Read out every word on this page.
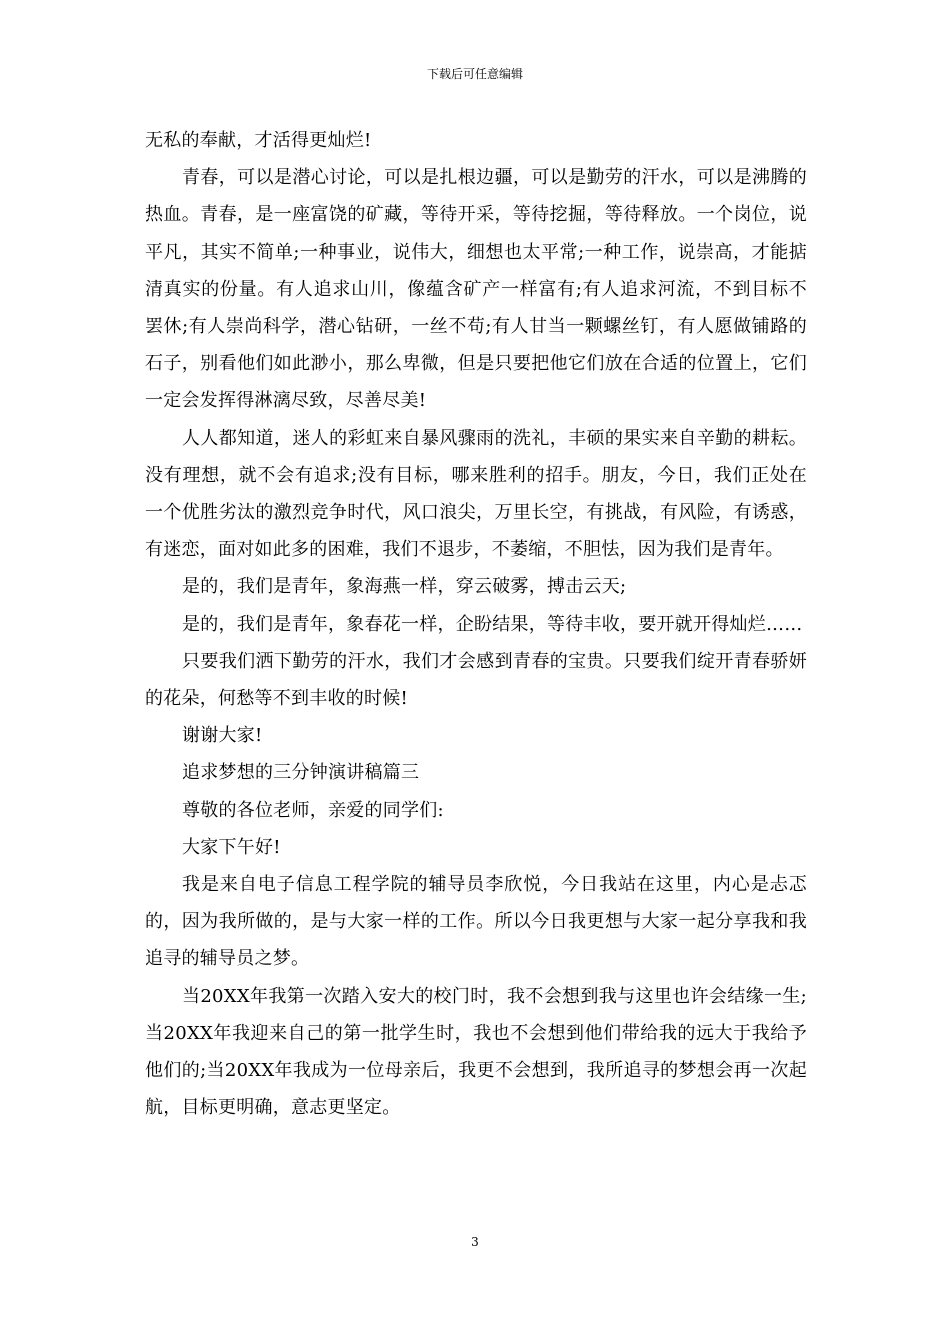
下载后可任意编辑

无私的奉献，才活得更灿烂!

青春，可以是潜心讨论，可以是扎根边疆，可以是勤劳的汗水，可以是沸腾的热血。青春，是一座富饶的矿藏，等待开采，等待挖掘，等待释放。一个岗位，说平凡，其实不简单;一种事业，说伟大，细想也太平常;一种工作，说崇高，才能掂清真实的份量。有人追求山川，像蕴含矿产一样富有;有人追求河流，不到目标不罢休;有人崇尚科学，潜心钻研，一丝不苟;有人甘当一颗螺丝钉，有人愿做铺路的石子，别看他们如此渺小，那么卑微，但是只要把他它们放在合适的位置上，它们一定会发挥得淋漓尽致，尽善尽美!

人人都知道，迷人的彩虹来自暴风骤雨的洗礼，丰硕的果实来自辛勤的耕耘。没有理想，就不会有追求;没有目标，哪来胜利的招手。朋友，今日，我们正处在一个优胜劣汰的激烈竞争时代，风口浪尖，万里长空，有挑战，有风险，有诱惑，有迷恋，面对如此多的困难，我们不退步，不萎缩，不胆怯，因为我们是青年。

是的，我们是青年，象海燕一样，穿云破雾，搏击云天;

是的，我们是青年，象春花一样，企盼结果，等待丰收，要开就开得灿烂……

只要我们洒下勤劳的汗水，我们才会感到青春的宝贵。只要我们绽开青春骄妍的花朵，何愁等不到丰收的时候!

谢谢大家!

追求梦想的三分钟演讲稿篇三

尊敬的各位老师，亲爱的同学们:

大家下午好!

我是来自电子信息工程学院的辅导员李欣悦，今日我站在这里，内心是忐忑的，因为我所做的，是与大家一样的工作。所以今日我更想与大家一起分享我和我追寻的辅导员之梦。

当20XX年我第一次踏入安大的校门时，我不会想到我与这里也许会结缘一生;当20XX年我迎来自己的第一批学生时，我也不会想到他们带给我的远大于我给予他们的;当20XX年我成为一位母亲后，我更不会想到，我所追寻的梦想会再一次起航，目标更明确，意志更坚定。

3
